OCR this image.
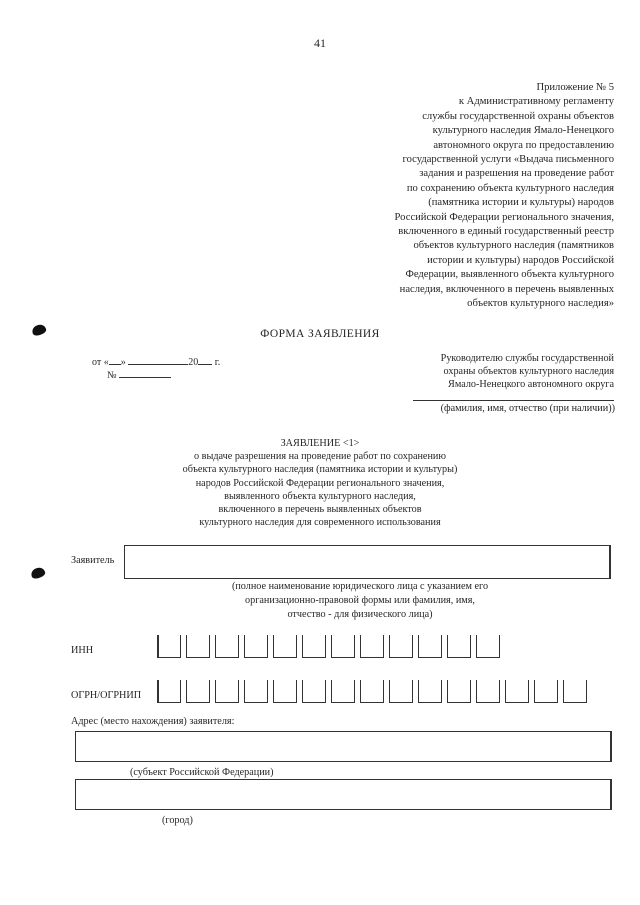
41
Приложение № 5
к Административному регламенту
службы государственной охраны объектов
культурного наследия Ямало-Ненецкого
автономного округа по предоставлению
государственной услуги «Выдача письменного
задания и разрешения на проведение работ
по сохранению объекта культурного наследия
(памятника истории и культуры) народов
Российской Федерации регионального значения,
включенного в единый государственный реестр
объектов культурного наследия (памятников
истории и культуры) народов Российской
Федерации, выявленного объекта культурного
наследия, включенного в перечень выявленных
объектов культурного наследия»
ФОРМА ЗАЯВЛЕНИЯ
от « »	20 г.
№
Руководителю службы государственной
охраны объектов культурного наследия
Ямало-Ненецкого автономного округа
(фамилия, имя, отчество (при наличии))
ЗАЯВЛЕНИЕ <1>
о выдаче разрешения на проведение работ по сохранению
объекта культурного наследия (памятника истории и культуры)
народов Российской Федерации регионального значения,
выявленного объекта культурного наследия,
включенного в перечень выявленных объектов
культурного наследия для современного использования
Заявитель
(полное наименование юридического лица с указанием его
организационно-правовой формы или фамилия, имя,
отчество - для физического лица)
ИНН
ОГРН/ОГРНИП
Адрес (место нахождения) заявителя:
(субъект Российской Федерации)
(город)
